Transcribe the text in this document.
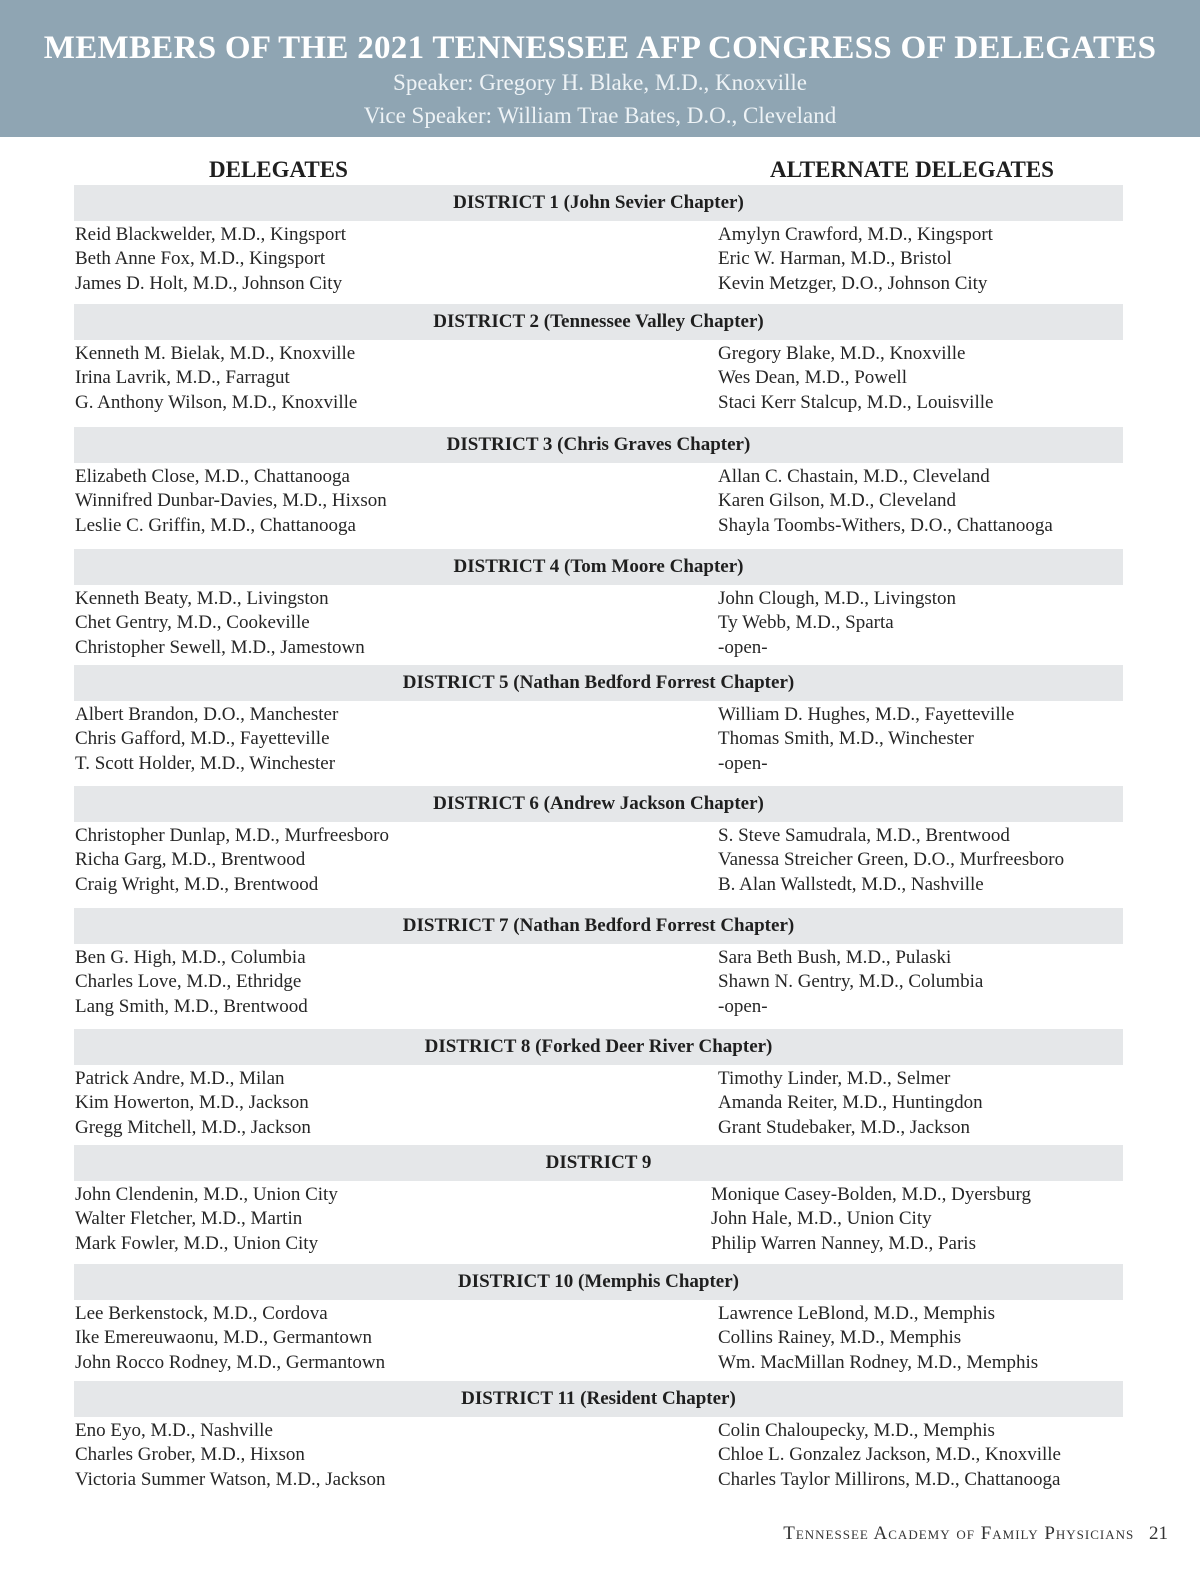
MEMBERS OF THE 2021 TENNESSEE AFP CONGRESS OF DELEGATES
Speaker: Gregory H. Blake, M.D., Knoxville
Vice Speaker: William Trae Bates, D.O., Cleveland
DELEGATES	ALTERNATE DELEGATES
DISTRICT 1 (John Sevier Chapter)
Reid Blackwelder, M.D., Kingsport
Beth Anne Fox, M.D., Kingsport
James D. Holt, M.D., Johnson City
Amylyn Crawford, M.D., Kingsport
Eric W. Harman, M.D., Bristol
Kevin Metzger, D.O., Johnson City
DISTRICT 2 (Tennessee Valley Chapter)
Kenneth M. Bielak, M.D., Knoxville
Irina Lavrik, M.D., Farragut
G. Anthony Wilson, M.D., Knoxville
Gregory Blake, M.D., Knoxville
Wes Dean, M.D., Powell
Staci Kerr Stalcup, M.D., Louisville
DISTRICT 3 (Chris Graves Chapter)
Elizabeth Close, M.D., Chattanooga
Winnifred Dunbar-Davies, M.D., Hixson
Leslie C. Griffin, M.D., Chattanooga
Allan C. Chastain, M.D., Cleveland
Karen Gilson, M.D., Cleveland
Shayla Toombs-Withers, D.O., Chattanooga
DISTRICT 4 (Tom Moore Chapter)
Kenneth Beaty, M.D., Livingston
Chet Gentry, M.D., Cookeville
Christopher Sewell, M.D., Jamestown
John Clough, M.D., Livingston
Ty Webb, M.D., Sparta
-open-
DISTRICT 5 (Nathan Bedford Forrest Chapter)
Albert Brandon, D.O., Manchester
Chris Gafford, M.D., Fayetteville
T. Scott Holder, M.D., Winchester
William D. Hughes, M.D., Fayetteville
Thomas Smith, M.D., Winchester
-open-
DISTRICT 6 (Andrew Jackson Chapter)
Christopher Dunlap, M.D., Murfreesboro
Richa Garg, M.D., Brentwood
Craig Wright, M.D., Brentwood
S. Steve Samudrala, M.D., Brentwood
Vanessa Streicher Green, D.O., Murfreesboro
B. Alan Wallstedt, M.D., Nashville
DISTRICT 7 (Nathan Bedford Forrest Chapter)
Ben G. High, M.D., Columbia
Charles Love, M.D., Ethridge
Lang Smith, M.D., Brentwood
Sara Beth Bush, M.D., Pulaski
Shawn N. Gentry, M.D., Columbia
-open-
DISTRICT 8 (Forked Deer River Chapter)
Patrick Andre, M.D., Milan
Kim Howerton, M.D., Jackson
Gregg Mitchell, M.D., Jackson
Timothy Linder, M.D., Selmer
Amanda Reiter, M.D., Huntingdon
Grant Studebaker, M.D., Jackson
DISTRICT 9
John Clendenin, M.D., Union City
Walter Fletcher, M.D., Martin
Mark Fowler, M.D., Union City
Monique Casey-Bolden, M.D., Dyersburg
John Hale, M.D., Union City
Philip Warren Nanney, M.D., Paris
DISTRICT 10 (Memphis Chapter)
Lee Berkenstock, M.D., Cordova
Ike Emereuwaonu, M.D., Germantown
John Rocco Rodney, M.D., Germantown
Lawrence LeBlond, M.D., Memphis
Collins Rainey, M.D., Memphis
Wm. MacMillan Rodney, M.D., Memphis
DISTRICT 11 (Resident Chapter)
Eno Eyo, M.D., Nashville
Charles Grober, M.D., Hixson
Victoria Summer Watson, M.D., Jackson
Colin Chaloupecky, M.D., Memphis
Chloe L. Gonzalez Jackson, M.D., Knoxville
Charles Taylor Millirons, M.D., Chattanooga
Tennessee Academy of Family Physicians 21
